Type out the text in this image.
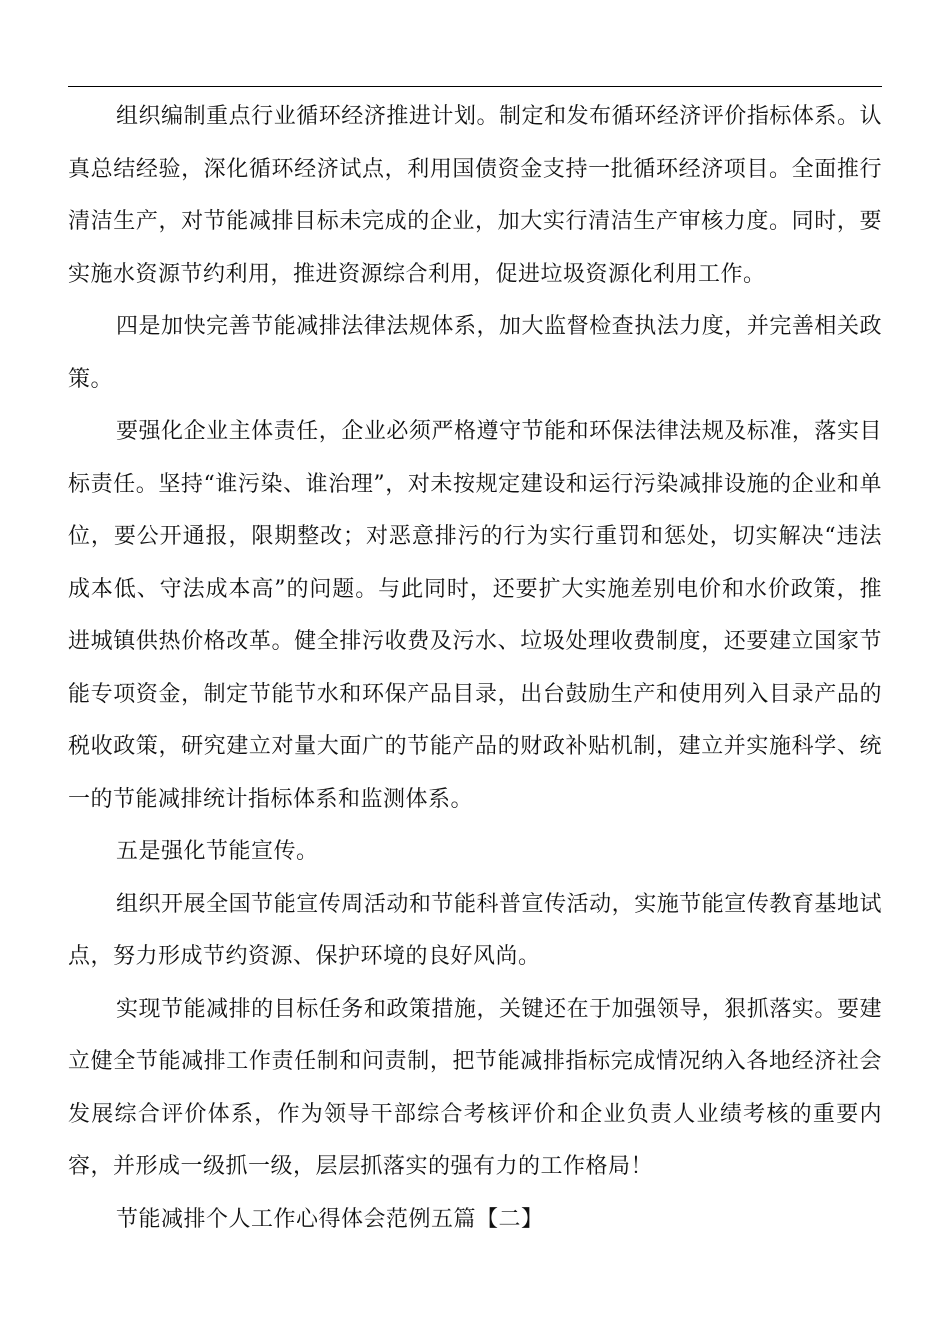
组织编制重点行业循环经济推进计划。制定和发布循环经济评价指标体系。认真总结经验，深化循环经济试点，利用国债资金支持一批循环经济项目。全面推行清洁生产，对节能减排目标未完成的企业，加大实行清洁生产审核力度。同时，要实施水资源节约利用，推进资源综合利用，促进垃圾资源化利用工作。

四是加快完善节能减排法律法规体系，加大监督检查执法力度，并完善相关政策。

要强化企业主体责任，企业必须严格遵守节能和环保法律法规及标准，落实目标责任。坚持“谁污染、谁治理”，对未按规定建设和运行污染减排设施的企业和单位，要公开通报，限期整改；对恶意排污的行为实行重罚和惩处，切实解决“违法成本低、守法成本高”的问题。与此同时，还要扩大实施差别电价和水价政策，推进城镇供热价格改革。健全排污收费及污水、垃圾处理收费制度，还要建立国家节能专项资金，制定节能节水和环保产品目录，出台鼓励生产和使用列入目录产品的税收政策，研究建立对量大面广的节能产品的财政补贴机制，建立并实施科学、统一的节能减排统计指标体系和监测体系。

五是强化节能宣传。

组织开展全国节能宣传周活动和节能科普宣传活动，实施节能宣传教育基地试点，努力形成节约资源、保护环境的良好风尚。

实现节能减排的目标任务和政策措施，关键还在于加强领导，狠抓落实。要建立健全节能减排工作责任制和问责制，把节能减排指标完成情况纳入各地经济社会发展综合评价体系，作为领导干部综合考核评价和企业负责人业绩考核的重要内容，并形成一级抓一级，层层抓落实的强有力的工作格局！

节能减排个人工作心得体会范例五篇【二】
